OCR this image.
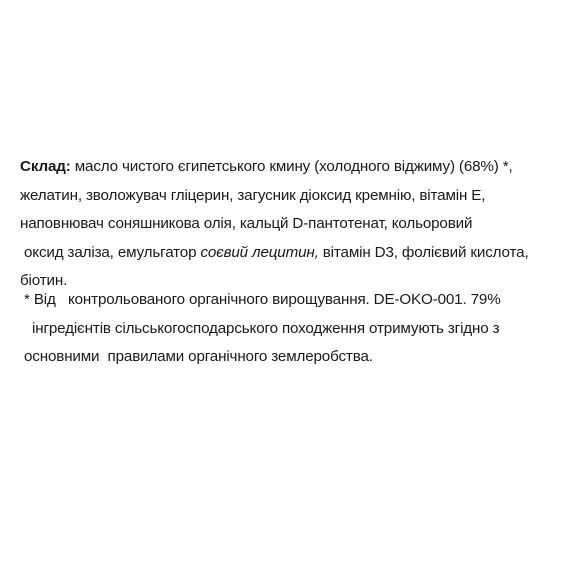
Склад: масло чистого єгипетського кмину (холодного віджиму) (68%) *,
желатин, зволожувач гліцерин, загусник діоксид кремнію, вітамін Е,
наповнювач соняшникова олія, кальцй D-пантотенат, кольоровий
оксид заліза, емульгатор соєвий лецитин, вітамін D3, фолієвий кислота,
біотин.
* Від   контрольованого органічного вирощування. DE-OKO-001. 79%
інгредієнтів сільськогосподарського походження отримують згідно з
основними  правилами органічного землеробства.
